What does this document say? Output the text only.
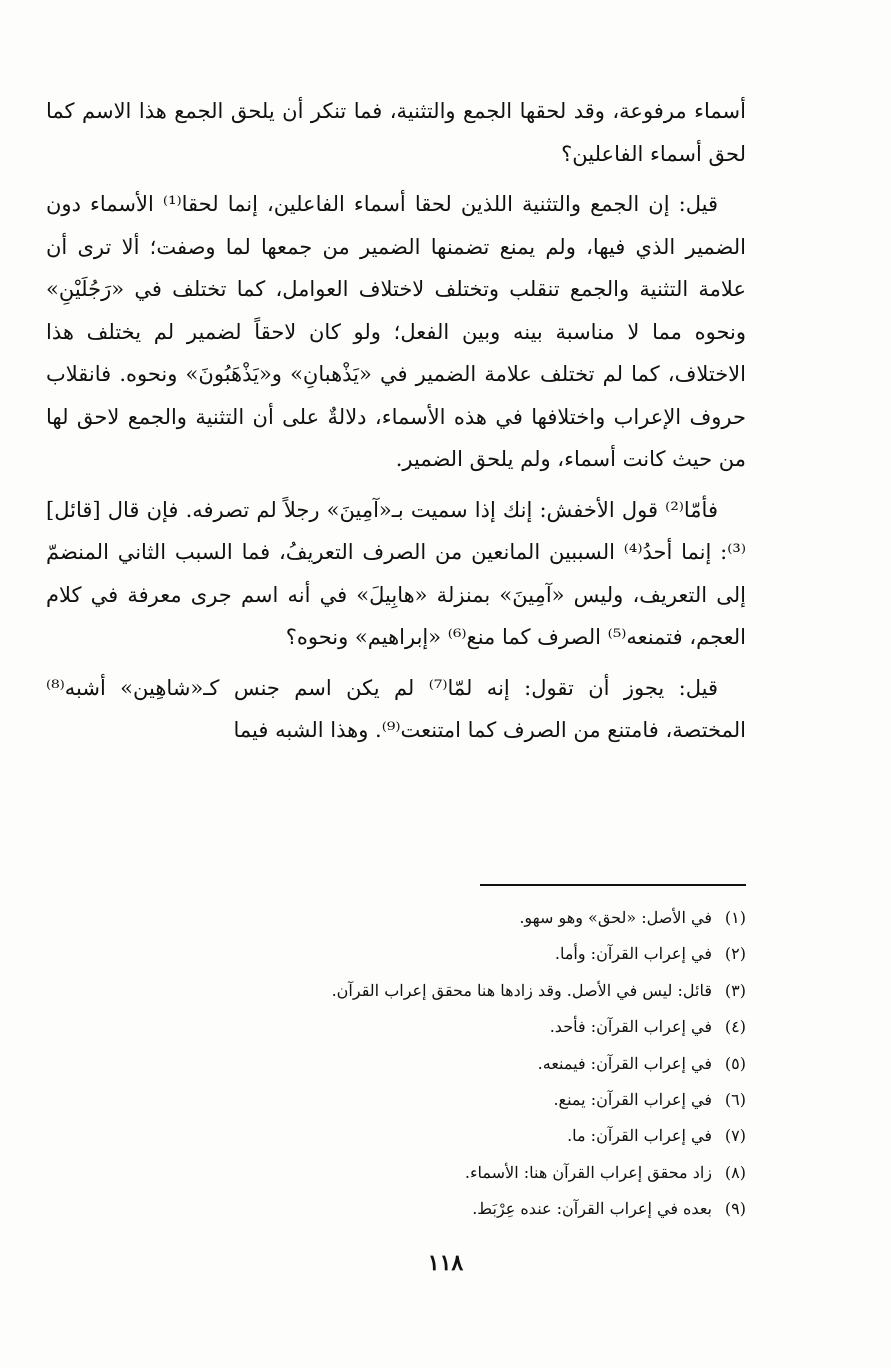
أسماء مرفوعة، وقد لحقها الجمع والتثنية، فما تنكر أن يلحق الجمع هذا الاسم كما لحق أسماء الفاعلين؟

قيل: إن الجمع والتثنية اللذين لحقا أسماء الفاعلين، إنما لحقا⁽¹⁾ الأسماء دون الضمير الذي فيها، ولم يمنع تضمنها الضمير من جمعها لما وصفت؛ ألا ترى أن علامة التثنية والجمع تنقلب وتختلف لاختلاف العوامل، كما تختلف في «رَجُلَيْنِ» ونحوه مما لا مناسبة بينه وبين الفعل؛ ولو كان لاحقاً لضمير لم يختلف هذا الاختلاف، كما لم تختلف علامة الضمير في «يَذْهبانِ» و«يَذْهَبُونَ» ونحوه. فانقلاب حروف الإعراب واختلافها في هذه الأسماء، دلالةٌ على أن التثنية والجمع لاحق لها من حيث كانت أسماء، ولم يلحق الضمير.

فأمّا⁽²⁾ قول الأخفش: إنك إذا سميت بـ«آمِينَ» رجلاً لم تصرفه. فإن قال [قائل]⁽³⁾: إنما أحدُ⁽⁴⁾ السببين المانعين من الصرف التعريفُ، فما السبب الثاني المنضمّ إلى التعريف، وليس «آمِينَ» بمنزلة «هابِيلَ» في أنه اسم جرى معرفة في كلام العجم، فتمنعه⁽⁵⁾ الصرف كما منع⁽⁶⁾ «إبراهيم» ونحوه؟

قيل: يجوز أن تقول: إنه لمّا⁽⁷⁾ لم يكن اسم جنس كـ«شاهِين» أشبه⁽⁸⁾ المختصة، فامتنع من الصرف كما امتنعت⁽⁹⁾. وهذا الشبه فيما

(١)في الأصل: «لحق» وهو سهو.
(٢)في إعراب القرآن: وأما.
(٣)قائل: ليس في الأصل. وقد زادها هنا محقق إعراب القرآن.
(٤)في إعراب القرآن: فأحد.
(٥)في إعراب القرآن: فيمنعه.
(٦)في إعراب القرآن: يمنع.
(٧)في إعراب القرآن: ما.
(٨)زاد محقق إعراب القرآن هنا: الأسماء.
(٩)بعده في إعراب القرآن: عنده عِرْبَط.
١١٨
